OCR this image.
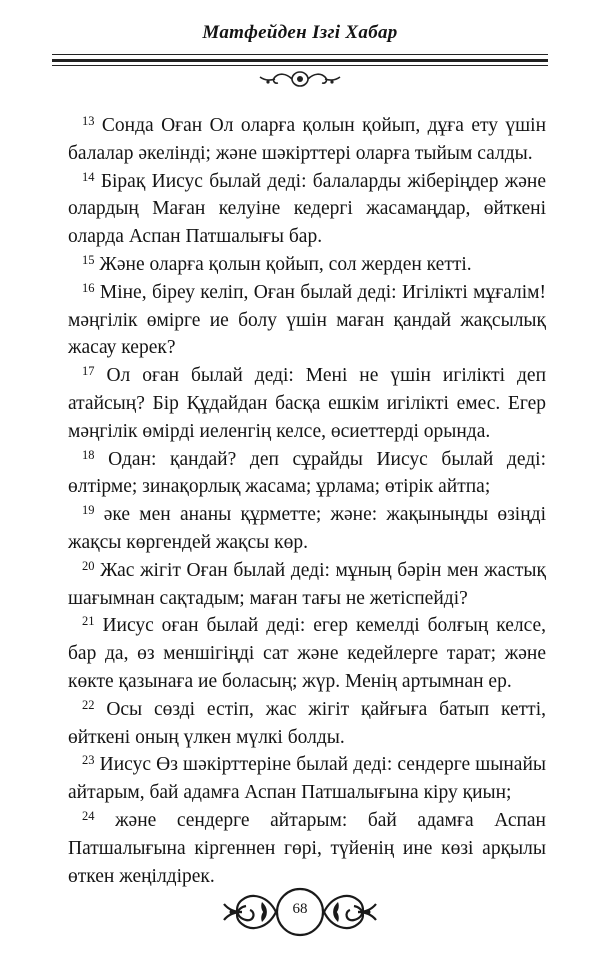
Матфейден Ізгі Хабар

$^{13}$ Сонда Оған Ол оларға қолын қойып, дұға ету үшін балалар әкелінді; және шәкірттері оларға тыйым салды.

$^{14}$ Бірақ Иисус былай деді: балаларды жіберіңдер және олардың Маған келуіне кедергі жасамаңдар, өйткені оларда Аспан Патшалығы бар.

$^{15}$ Және оларға қолын қойып, сол жерден кетті.

$^{16}$ Міне, біреу келіп, Оған былай деді: Игілікті мұғалім! мәңгілік өмірге ие болу үшін маған қандай жақсылық жасау керек?

$^{17}$ Ол оған былай деді: Мені не үшін игілікті деп атайсың? Бір Құдайдан басқа ешкім игілікті емес. Егер мәңгілік өмірді иеленгің келсе, өсиеттерді орында.

$^{18}$ Одан: қандай? деп сұрайды Иисус былай деді: өлтірме; зинақорлық жасама; ұрлама; өтірік айтпа;

$^{19}$ әке мен ананы құрметте; және: жақыныңды өзіңді жақсы көргендей жақсы көр.

$^{20}$ Жас жігіт Оған былай деді: мұның бәрін мен жастық шағымнан сақтадым; маған тағы не жетіспейді?

$^{21}$ Иисус оған былай деді: егер кемелді болғың келсе, бар да, өз меншігіңді сат және кедейлерге тарат; және көкте қазынаға ие боласың; жүр. Менің артымнан ер.

$^{22}$ Осы сөзді естіп, жас жігіт қайғыға батып кетті, өйткені оның үлкен мүлкі болды.

$^{23}$ Иисус Өз шәкірттеріне былай деді: сендерге шынайы айтарым, бай адамға Аспан Патшалығына кіру қиын;

$^{24}$ және сендерге айтарым: бай адамға Аспан Патшалығына кіргеннен гөрі, түйенің ине көзі арқылы өткен жеңілдірек.

68
